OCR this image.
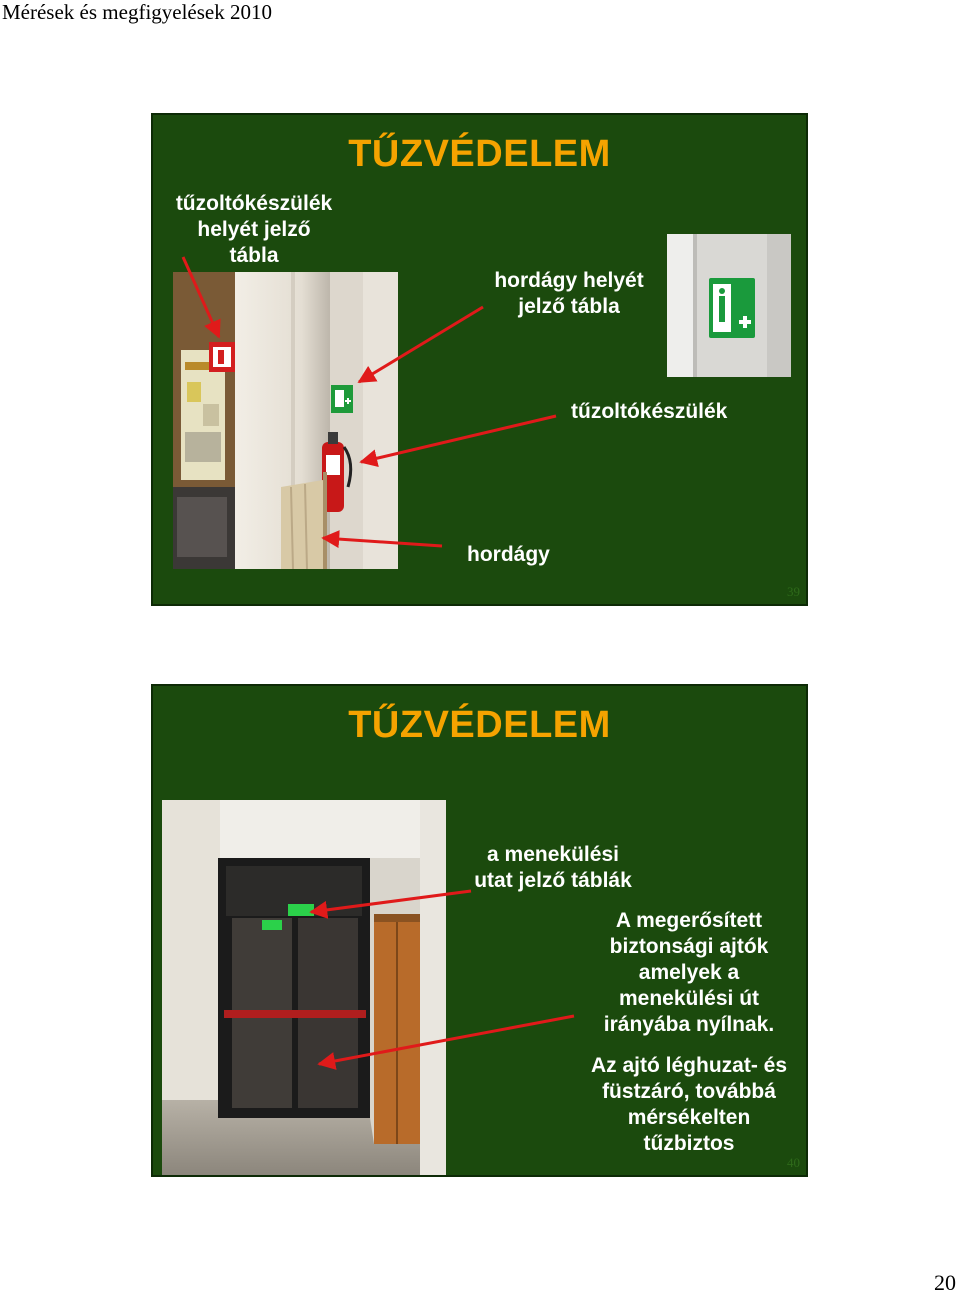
Mérések és megfigyelések 2010
TŰZVÉDELEM
tűzoltókészülék
helyét jelző
tábla
hordágy helyét
jelző tábla
tűzoltókészülék
hordágy
39
TŰZVÉDELEM
a menekülési
utat jelző táblák
A megerősített
biztonsági ajtók
amelyek a
menekülési út
irányába nyílnak.
Az ajtó léghuzat- és
füstzáró, továbbá
mérsékelten
tűzbiztos
40
20
